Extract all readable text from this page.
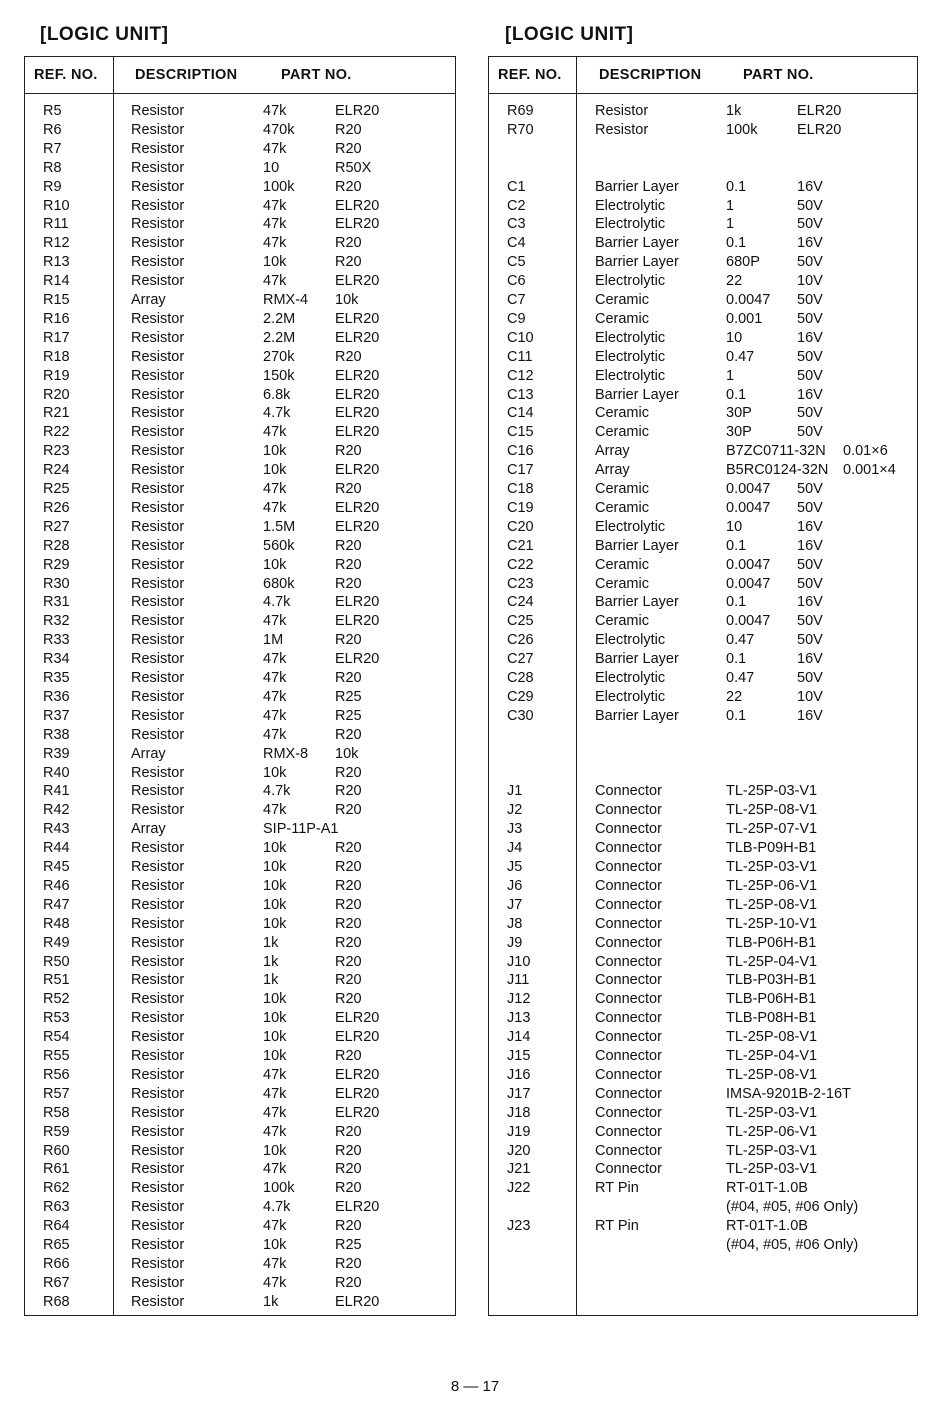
[LOGIC UNIT]
REF. NO.	DESCRIPTION	PART NO.
R5	Resistor	47k	ELR20
R6	Resistor	470k	R20
R7	Resistor	47k	R20
R8	Resistor	10	R50X
R9	Resistor	100k	R20
R10	Resistor	47k	ELR20
R11	Resistor	47k	ELR20
R12	Resistor	47k	R20
R13	Resistor	10k	R20
R14	Resistor	47k	ELR20
R15	Array	RMX-4 10k
R16	Resistor	2.2M	ELR20
R17	Resistor	2.2M	ELR20
R18	Resistor	270k	R20
R19	Resistor	150k	ELR20
R20	Resistor	6.8k	ELR20
R21	Resistor	4.7k	ELR20
R22	Resistor	47k	ELR20
R23	Resistor	10k	R20
R24	Resistor	10k	ELR20
R25	Resistor	47k	R20
R26	Resistor	47k	ELR20
R27	Resistor	1.5M	ELR20
R28	Resistor	560k	R20
R29	Resistor	10k	R20
R30	Resistor	680k	R20
R31	Resistor	4.7k	ELR20
R32	Resistor	47k	ELR20
R33	Resistor	1M	R20
R34	Resistor	47k	ELR20
R35	Resistor	47k	R20
R36	Resistor	47k	R25
R37	Resistor	47k	R25
R38	Resistor	47k	R20
R39	Array	RMX-8 10k
R40	Resistor	10k	R20
R41	Resistor	4.7k	R20
R42	Resistor	47k	R20
R43	Array	SIP-11P-A1
R44	Resistor	10k	R20
R45	Resistor	10k	R20
R46	Resistor	10k	R20
R47	Resistor	10k	R20
R48	Resistor	10k	R20
R49	Resistor	1k	R20
R50	Resistor	1k	R20
R51	Resistor	1k	R20
R52	Resistor	10k	R20
R53	Resistor	10k	ELR20
R54	Resistor	10k	ELR20
R55	Resistor	10k	R20
R56	Resistor	47k	ELR20
R57	Resistor	47k	ELR20
R58	Resistor	47k	ELR20
R59	Resistor	47k	R20
R60	Resistor	10k	R20
R61	Resistor	47k	R20
R62	Resistor	100k	R20
R63	Resistor	4.7k	ELR20
R64	Resistor	47k	R20
R65	Resistor	10k	R25
R66	Resistor	47k	R20
R67	Resistor	47k	R20
R68	Resistor	1k	ELR20
[LOGIC UNIT]
REF. NO.	DESCRIPTION	PART NO.
R69	Resistor	1k	ELR20
R70	Resistor	100k	ELR20
C1	Barrier Layer	0.1	16V
C2	Electrolytic	1	50V
C3	Electrolytic	1	50V
C4	Barrier Layer	0.1	16V
C5	Barrier Layer	680P	50V
C6	Electrolytic	22	10V
C7	Ceramic	0.0047 50V
C9	Ceramic	0.001 50V
C10	Electrolytic	10	16V
C11	Electrolytic	0.47	50V
C12	Electrolytic	1	50V
C13	Barrier Layer	0.1	16V
C14	Ceramic	30P	50V
C15	Ceramic	30P	50V
C16	Array	B7ZC0711-32N 0.01×6
C17	Array	B5RC0124-32N 0.001×4
C18	Ceramic	0.0047 50V
C19	Ceramic	0.0047 50V
C20	Electrolytic	10	16V
C21	Barrier Layer	0.1	16V
C22	Ceramic	0.0047 50V
C23	Ceramic	0.0047 50V
C24	Barrier Layer	0.1	16V
C25	Ceramic	0.0047 50V
C26	Electrolytic	0.47	50V
C27	Barrier Layer	0.1	16V
C28	Electrolytic	0.47	50V
C29	Electrolytic	22	10V
C30	Barrier Layer	0.1	16V
J1	Connector	TL-25P-03-V1
J2	Connector	TL-25P-08-V1
J3	Connector	TL-25P-07-V1
J4	Connector	TLB-P09H-B1
J5	Connector	TL-25P-03-V1
J6	Connector	TL-25P-06-V1
J7	Connector	TL-25P-08-V1
J8	Connector	TL-25P-10-V1
J9	Connector	TLB-P06H-B1
J10	Connector	TL-25P-04-V1
J11	Connector	TLB-P03H-B1
J12	Connector	TLB-P06H-B1
J13	Connector	TLB-P08H-B1
J14	Connector	TL-25P-08-V1
J15	Connector	TL-25P-04-V1
J16	Connector	TL-25P-08-V1
J17	Connector	IMSA-9201B-2-16T
J18	Connector	TL-25P-03-V1
J19	Connector	TL-25P-06-V1
J20	Connector	TL-25P-03-V1
J21	Connector	TL-25P-03-V1
J22	RT Pin	RT-01T-1.0B
(#04, #05, #06 Only)
J23	RT Pin	RT-01T-1.0B
(#04, #05, #06 Only)
8 — 17
